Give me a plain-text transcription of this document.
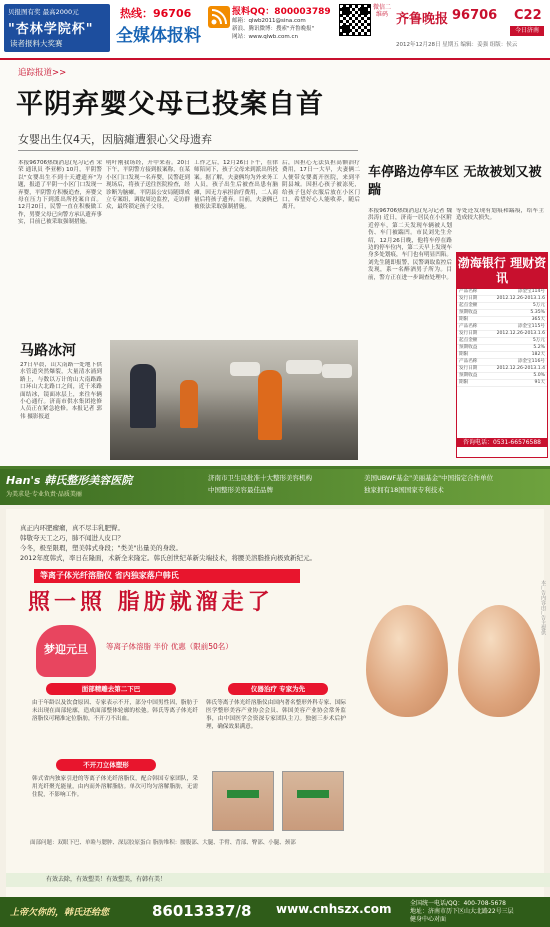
贝报图有奖 最高2000元
"杏林学院杯"
读者报料大奖赛
热线：96706
全媒体报料
报料QQ：800003789
邮箱：qlwb2011@sina.com
新浪、腾讯微博：搜索"齐鲁晚报"
网站：www.qlwb.com.cn
微信二维码 齐鲁晚报 96706 C22
今日济南
2012年12月28日 星期五 编辑：姜强 组版：侯云
追踪报道>>
平阴弃婴父母已投案自首
女婴出生仅4天，因脑瘫遭狠心父母遗弃
本报96706热线消息(见习记者 宋荣 通讯员 李亚彬) 10月，平阴警以"女婴出生不到十天遭遗弃"为题，报道了平阴一小区门口发现一弃婴，平阴警方积极追查，弃婴父母在压力下到派出所投案自首。12月20日，民警一直在积极做工作，男婴父母已向警方承认遗弃事实，目前已被采取强制措施。
明叶刚我场经，开中来着。20日下午，平阴警方接到报案称，在某小区门口发现一名弃婴，民警赶到现场后，将孩子送往医院检查，经诊断为脑瘫。平阴县公安局随即成立专案组，调取周边监控，走访群众，最终锁定孩子父母。
工作之后，12月26日下午，在律师陪同下，孩子父母来到派出所投案。据了解，夫妻俩均为外来务工人员，孩子出生后被查出患有脑瘫，因无力承担治疗费用，二人商量后将孩子遗弃。目前，夫妻俩已被依法采取强制措施。
后，因担心无法负担高额治疗费用，17日一大早，夫妻俩二人便带女婴离开医院，来到平阴县城。因担心孩子被冻死，给孩子包好衣服后放在小区门口，希望好心人能收养，随后离开。
马路冰河
27日早晨，山大南路一处地下供水管道突然爆裂，大量清水涌到路上，与数以万计的山大南路路口环山大北路口之间，近千米路面结冰，镜面冰层上，来往车辆小心通行。济南市供水集团抢修人员正在紧急抢修。本报记者 郭伟 摄影报道
车停路边停车区 无故被划又被踹
本报96706热线消息(见习记者 魏洪涛) 近日，济南一居民在小区附近停车，第二天发现车辆被人划伤、车门被踹凹。市民刘先生介绍，12月26日晚，他将车停在路边的停车位内，第二天早上发现车身多处划痕，车门也有明显凹陷。刘先生随即报警，民警调取监控后发现，系一名醉酒男子所为。目前，警方正在进一步调查处理中。
等处还发现有划痕和踹痕，给车主造成较大损失。
渤海银行 理财资讯
产品名称	添金宝114号
发行日期	2012.12.26-2013.1.6
起点金额	5万元
预期收益	5.35%
期限	365天
产品名称	添金宝115号
发行日期	2012.12.26-2013.1.6
起点金额	5万元
预期收益	5.2%
期限	182天
产品名称	添金宝116号
发行日期	2012.12.26-2013.1.4
预期收益	5.0%
期限	91天
咨询电话：0531-66576588
Han's 韩氏整形美容医院
为美求是·专业负责·品质美丽
济南市卫生局批准十大整形美容机构
中国整形美容最佳品牌
美国UBWF基金"美丽基金"中国指定合作单位
独家拥有18国国家专利技术
真正内环肥瘤瘤，真不尽丰乳肥臀。
韩敬夸天工之巧，肺不闻进人皮口？
今冬，极至限瑕，塑美韩式身段；"类美"出量美的身段。
2012年度韩式，率日在隆面，术新全来隆定。韩氏创世纪革新尖端技术，将腰美溶脂推向极致新纪元。
等离子体光纤溶脂仪 省内独家落户韩氏
照一照 脂肪就溜走了
梦迎元旦	等离子体溶脂 半价 优惠（限前50名）
面部精雕去第二下巴
由于年龄以及饮食原因、专家表示不开，部分中国男性因，脂肪于未出现在面部轮廓，造成面部整体轮廓的松弛。韩氏等离子体光纤溶脂仪可精准定位脂肪，不开刀不出血。
不开刀立体塑形
韩式省内独家引进的等离子体光纤溶脂仪，配合韩国专家团队，采用光纤聚光能量，由内而外溶解脂肪。单次可均匀溶解脂肪，无需住院，不影响工作。
仪器治疗 专家为先
韩氏等离子体光纤溶脂仪由国内著名整形外科专家、国际医学整形美容产业协会会员、韩国美容产业协会常务监事，由中国医学会资深专家团队主刀。独创三步术后护理，确保效果满意。
面部问题：双眼下巴、单睑与腮肿、深层胶原蛋白 脂肪堆积：腰腹部、大腿、手臂、背部、臀部、小腿、颈部
有效去除，有效塑美！有效塑美，有韩有美！
上帝欠你的，韩氏还给您	86013337/8 www.cnhszx.com	全国统一电话/QQ：400-708-5678
地址：济南市历下区山大北路22号三层
健身中心对面
本广告内容由广告主提供
